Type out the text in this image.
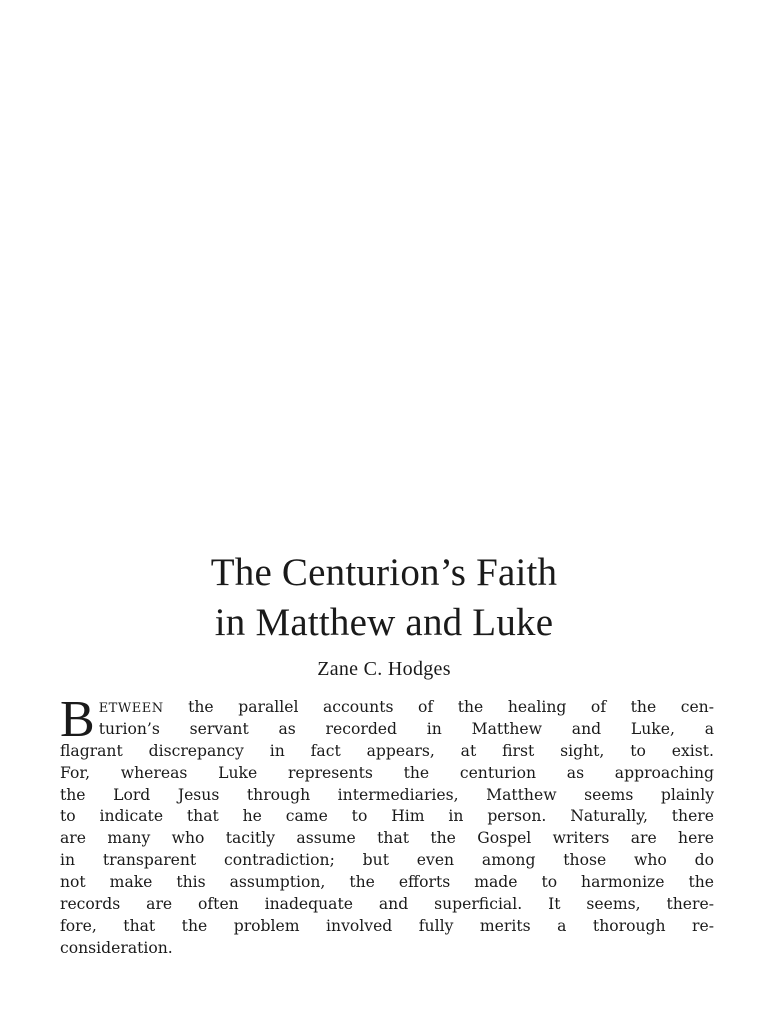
The Centurion’s Faith
in Matthew and Luke
Zane C. Hodges
B ETWEEN the parallel accounts of the healing of the cen-
turion’s servant as recorded in Matthew and Luke, a
flagrant discrepancy in fact appears, at first sight, to exist.
For, whereas Luke represents the centurion as approaching
the Lord Jesus through intermediaries, Matthew seems plainly
to indicate that he came to Him in person. Naturally, there
are many who tacitly assume that the Gospel writers are here
in transparent contradiction; but even among those who do
not make this assumption, the efforts made to harmonize the
records are often inadequate and superficial. It seems, there-
fore, that the problem involved fully merits a thorough re-
consideration.
